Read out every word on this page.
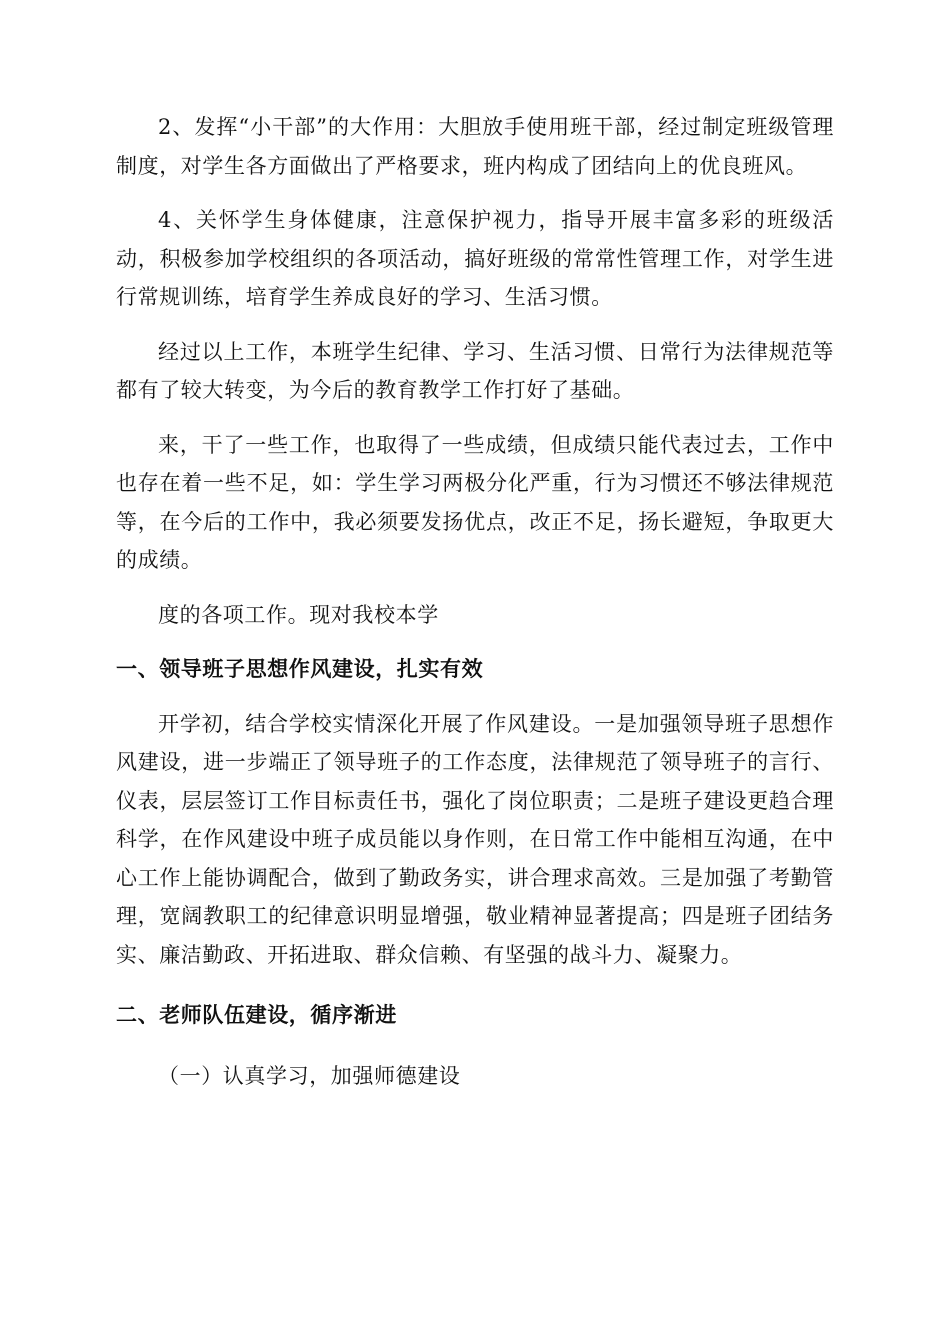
2、发挥“小干部”的大作用：大胆放手使用班干部，经过制定班级管理制度，对学生各方面做出了严格要求，班内构成了团结向上的优良班风。

4、关怀学生身体健康，注意保护视力，指导开展丰富多彩的班级活动，积极参加学校组织的各项活动，搞好班级的常常性管理工作，对学生进行常规训练，培育学生养成良好的学习、生活习惯。

经过以上工作，本班学生纪律、学习、生活习惯、日常行为法律规范等都有了较大转变，为今后的教育教学工作打好了基础。

来，干了一些工作，也取得了一些成绩，但成绩只能代表过去，工作中也存在着一些不足，如：学生学习两极分化严重，行为习惯还不够法律规范等，在今后的工作中，我必须要发扬优点，改正不足，扬长避短，争取更大的成绩。

度的各项工作。现对我校本学

一、领导班子思想作风建设，扎实有效

开学初，结合学校实情深化开展了作风建设。一是加强领导班子思想作风建设，进一步端正了领导班子的工作态度，法律规范了领导班子的言行、仪表，层层签订工作目标责任书，强化了岗位职责；二是班子建设更趋合理科学，在作风建设中班子成员能以身作则，在日常工作中能相互沟通，在中心工作上能协调配合，做到了勤政务实，讲合理求高效。三是加强了考勤管理，宽阔教职工的纪律意识明显增强，敬业精神显著提高；四是班子团结务实、廉洁勤政、开拓进取、群众信赖、有坚强的战斗力、凝聚力。

二、老师队伍建设，循序渐进

（一）认真学习，加强师德建设
